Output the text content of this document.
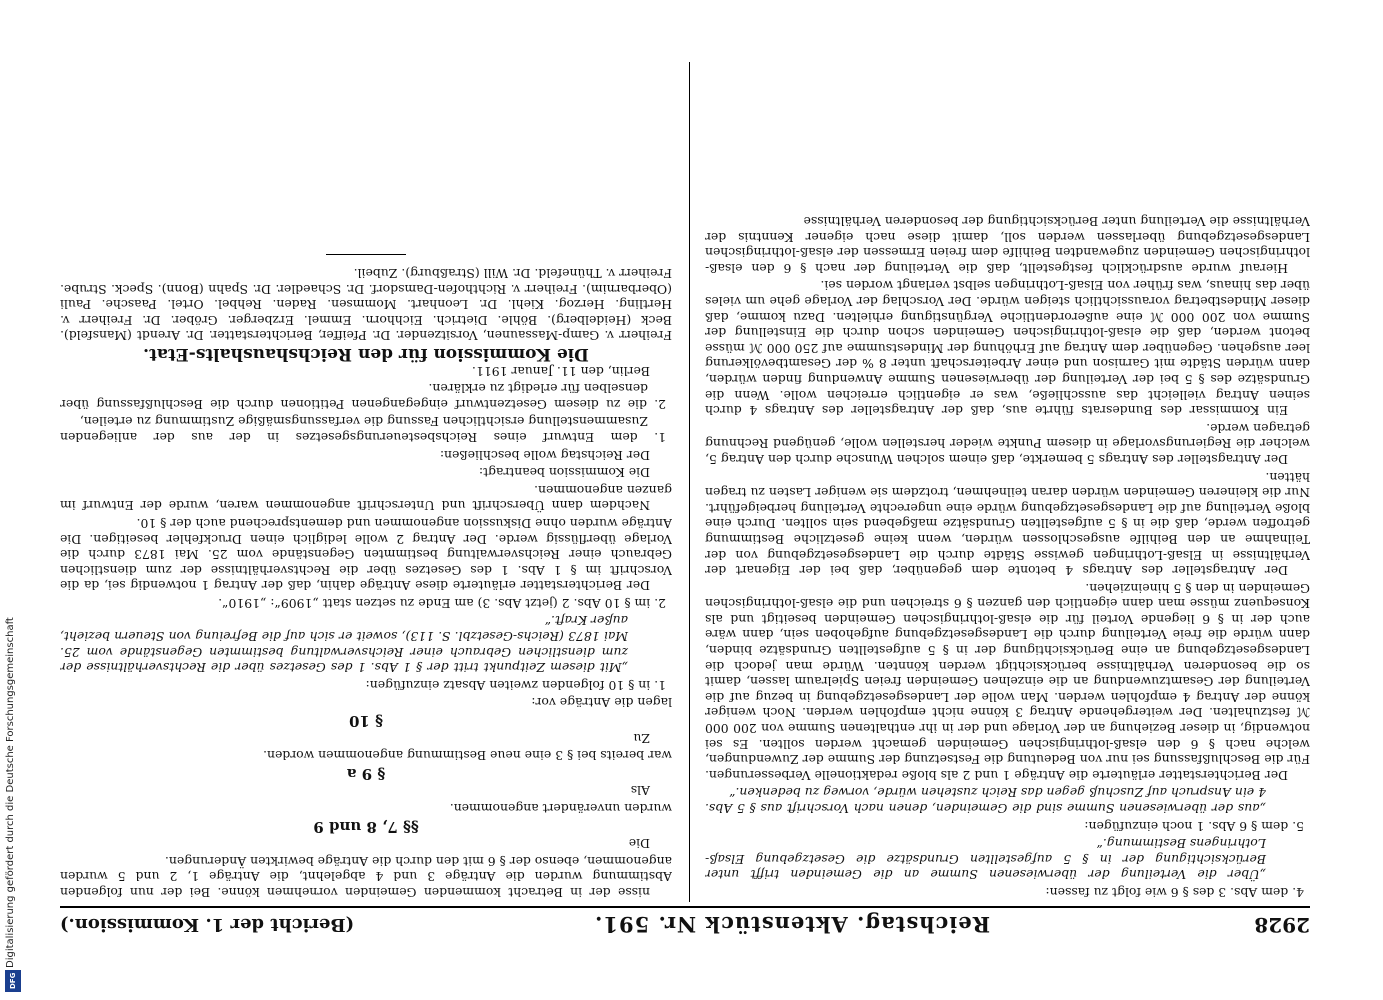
2928
Reichstag. Aktenstück Nr. 591.
(Bericht der 1. Kommission.)

4. dem Abs. 3 des § 6 wie folgt zu fassen:

„Über die Verteilung der überwiesenen Summe an die Gemeinden trifft unter Berücksichtigung der in § 5 aufgestellten Grundsätze die Gesetzgebung Elsaß-Lothringens Bestimmung.“

5. dem § 6 Abs. 1 noch einzufügen:

„aus der überwiesenen Summe sind die Gemeinden, denen nach Vorschrift aus § 5 Abs. 4 ein Anspruch auf Zuschuß gegen das Reich zustehen würde, vorweg zu bedenken.“

Der Berichterstatter erläuterte die Anträge 1 und 2 als bloße redaktionelle Verbesserungen. Für die Beschlußfassung sei nur von Bedeutung die Festsetzung der Summe der Zuwendungen, welche nach § 6 den elsaß-lothringischen Gemeinden gemacht werden sollten. Es sei notwendig, in dieser Beziehung an der Vorlage und der in ihr enthaltenen Summe von 200 000 ℳ festzuhalten. Der weitergehende Antrag 3 könne nicht empfohlen werden. Noch weniger könne der Antrag 4 empfohlen werden. Man wolle der Landesgesetzgebung in bezug auf die Verteilung der Gesamtzuwendung an die einzelnen Gemeinden freien Spielraum lassen, damit so die besonderen Verhältnisse berücksichtigt werden könnten. Würde man jedoch die Landesgesetzgebung an eine Berücksichtigung der in § 5 aufgestellten Grundsätze binden, dann würde die freie Verteilung durch die Landesgesetzgebung aufgehoben sein, dann wäre auch der in § 6 liegende Vorteil für die elsaß-lothringischen Gemeinden beseitigt und als Konsequenz müsse man dann eigentlich den ganzen § 6 streichen und die elsaß-lothringischen Gemeinden in den § 5 hineinziehen.

Der Antragsteller des Antrags 4 betonte dem gegenüber, daß bei der Eigenart der Verhältnisse in Elsaß-Lothringen gewisse Städte durch die Landesgesetzgebung von der Teilnahme an den Beihilfe ausgeschlossen würden, wenn keine gesetzliche Bestimmung getroffen werde, daß die in § 5 aufgestellten Grundsätze maßgebend sein sollten. Durch eine bloße Verteilung auf die Landesgesetzgebung würde eine ungerechte Verteilung herbeigeführt. Nur die kleineren Gemeinden würden daran teilnehmen, trotzdem sie weniger Lasten zu tragen hätten.

Der Antragsteller des Antrags 5 bemerkte, daß einem solchen Wunsche durch den Antrag 5, welcher die Regierungsvorlage in diesem Punkte wieder herstellen wolle, genügend Rechnung getragen werde.

Ein Kommissar des Bundesrats führte aus, daß der Antragsteller des Antrags 4 durch seinen Antrag vielleicht das ausschließe, was er eigentlich erreichen wolle. Wenn die Grundsätze des § 5 bei der Verteilung der überwiesenen Summe Anwendung finden würden, dann würden Städte mit Garnison und einer Arbeiterschaft unter 8 % der Gesamtbevölkerung leer ausgehen. Gegenüber dem Antrag auf Erhöhung der Mindestsumme auf 250 000 ℳ müsse betont werden, daß die elsaß-lothringischen Gemeinden schon durch die Einstellung der Summe von 200 000 ℳ eine außerordentliche Vergünstigung erhielten. Dazu komme, daß dieser Mindestbetrag voraussichtlich steigen würde. Der Vorschlag der Vorlage gehe um vieles über das hinaus, was früher von Elsaß-Lothringen selbst verlangt worden sei.

Hierauf wurde ausdrücklich festgestellt, daß die Verteilung der nach § 6 den elsaß-lothringischen Gemeinden zugewandten Beihilfe dem freien Ermessen der elsaß-lothringischen Landesgesetzgebung überlassen werden soll, damit diese nach eigener Kenntnis der Verhältnisse die Verteilung unter Berücksichtigung der besonderen Verhältnisse

nisse der in Betracht kommenden Gemeinden vornehmen könne. Bei der nun folgenden Abstimmung wurden die Anträge 3 und 4 abgelehnt, die Anträge 1, 2 und 5 wurden angenommen, ebenso der § 6 mit den durch die Anträge bewirkten Änderungen.

Die

§§ 7, 8 und 9

wurden unverändert angenommen.

Als

§ 9 a

war bereits bei § 3 eine neue Bestimmung angenommen worden.

Zu

§ 10

lagen die Anträge vor:

1. in § 10 folgenden zweiten Absatz einzufügen:

„Mit diesem Zeitpunkt tritt der § 1 Abs. 1 des Gesetzes über die Rechtsverhältnisse der zum dienstlichen Gebrauch einer Reichsverwaltung bestimmten Gegenstände vom 25. Mai 1873 (Reichs-Gesetzbl. S. 113), soweit er sich auf die Befreiung von Steuern bezieht, außer Kraft.“

2. im § 10 Abs. 2 (jetzt Abs. 3) am Ende zu setzen statt „1909“: „1910“.

Der Berichterstatter erläuterte diese Anträge dahin, daß der Antrag 1 notwendig sei, da die Vorschrift im § 1 Abs. 1 des Gesetzes über die Rechtsverhältnisse der zum dienstlichen Gebrauch einer Reichsverwaltung bestimmten Gegenstände vom 25. Mai 1873 durch die Vorlage überflüssig werde. Der Antrag 2 wolle lediglich einen Druckfehler beseitigen. Die Anträge wurden ohne Diskussion angenommen und dementsprechend auch der § 10.

Nachdem dann Überschrift und Unterschrift angenommen waren, wurde der Entwurf im ganzen angenommen.

Die Kommission beantragt:

Der Reichstag wolle beschließen:

1. dem Entwurf eines Reichsbesteuerungsgesetzes in der aus der anliegenden Zusammenstellung ersichtlichen Fassung die verfassungsmäßige Zustimmung zu erteilen,

2. die zu diesem Gesetzentwurf eingegangenen Petitionen durch die Beschlußfassung über denselben für erledigt zu erklären.

Berlin, den 11. Januar 1911.

Die Kommission für den Reichshaushalts-Etat.

Freiherr v. Gamp-Massaunen, Vorsitzender. Dr. Pfeiffer, Berichterstatter. Dr. Arendt (Mansfeld). Beck (Heidelberg). Böhle. Dietrich. Eichhorn. Emmel. Erzberger. Gröber. Dr. Freiherr v. Hertling. Herzog. Kiehl. Dr. Leonhart. Mommsen. Raden. Rehbel. Ortel. Paasche. Pauli (Oberbarnim). Freiherr v. Richthofen-Damsdorf. Dr. Schaedler. Dr. Spahn (Bonn). Speck. Strube. Freiherr v. Thünefeld. Dr. Will (Straßburg). Zubeil.

Digitalisierung gefördert durch die Deutsche Forschungsgemeinschaft
DFG
